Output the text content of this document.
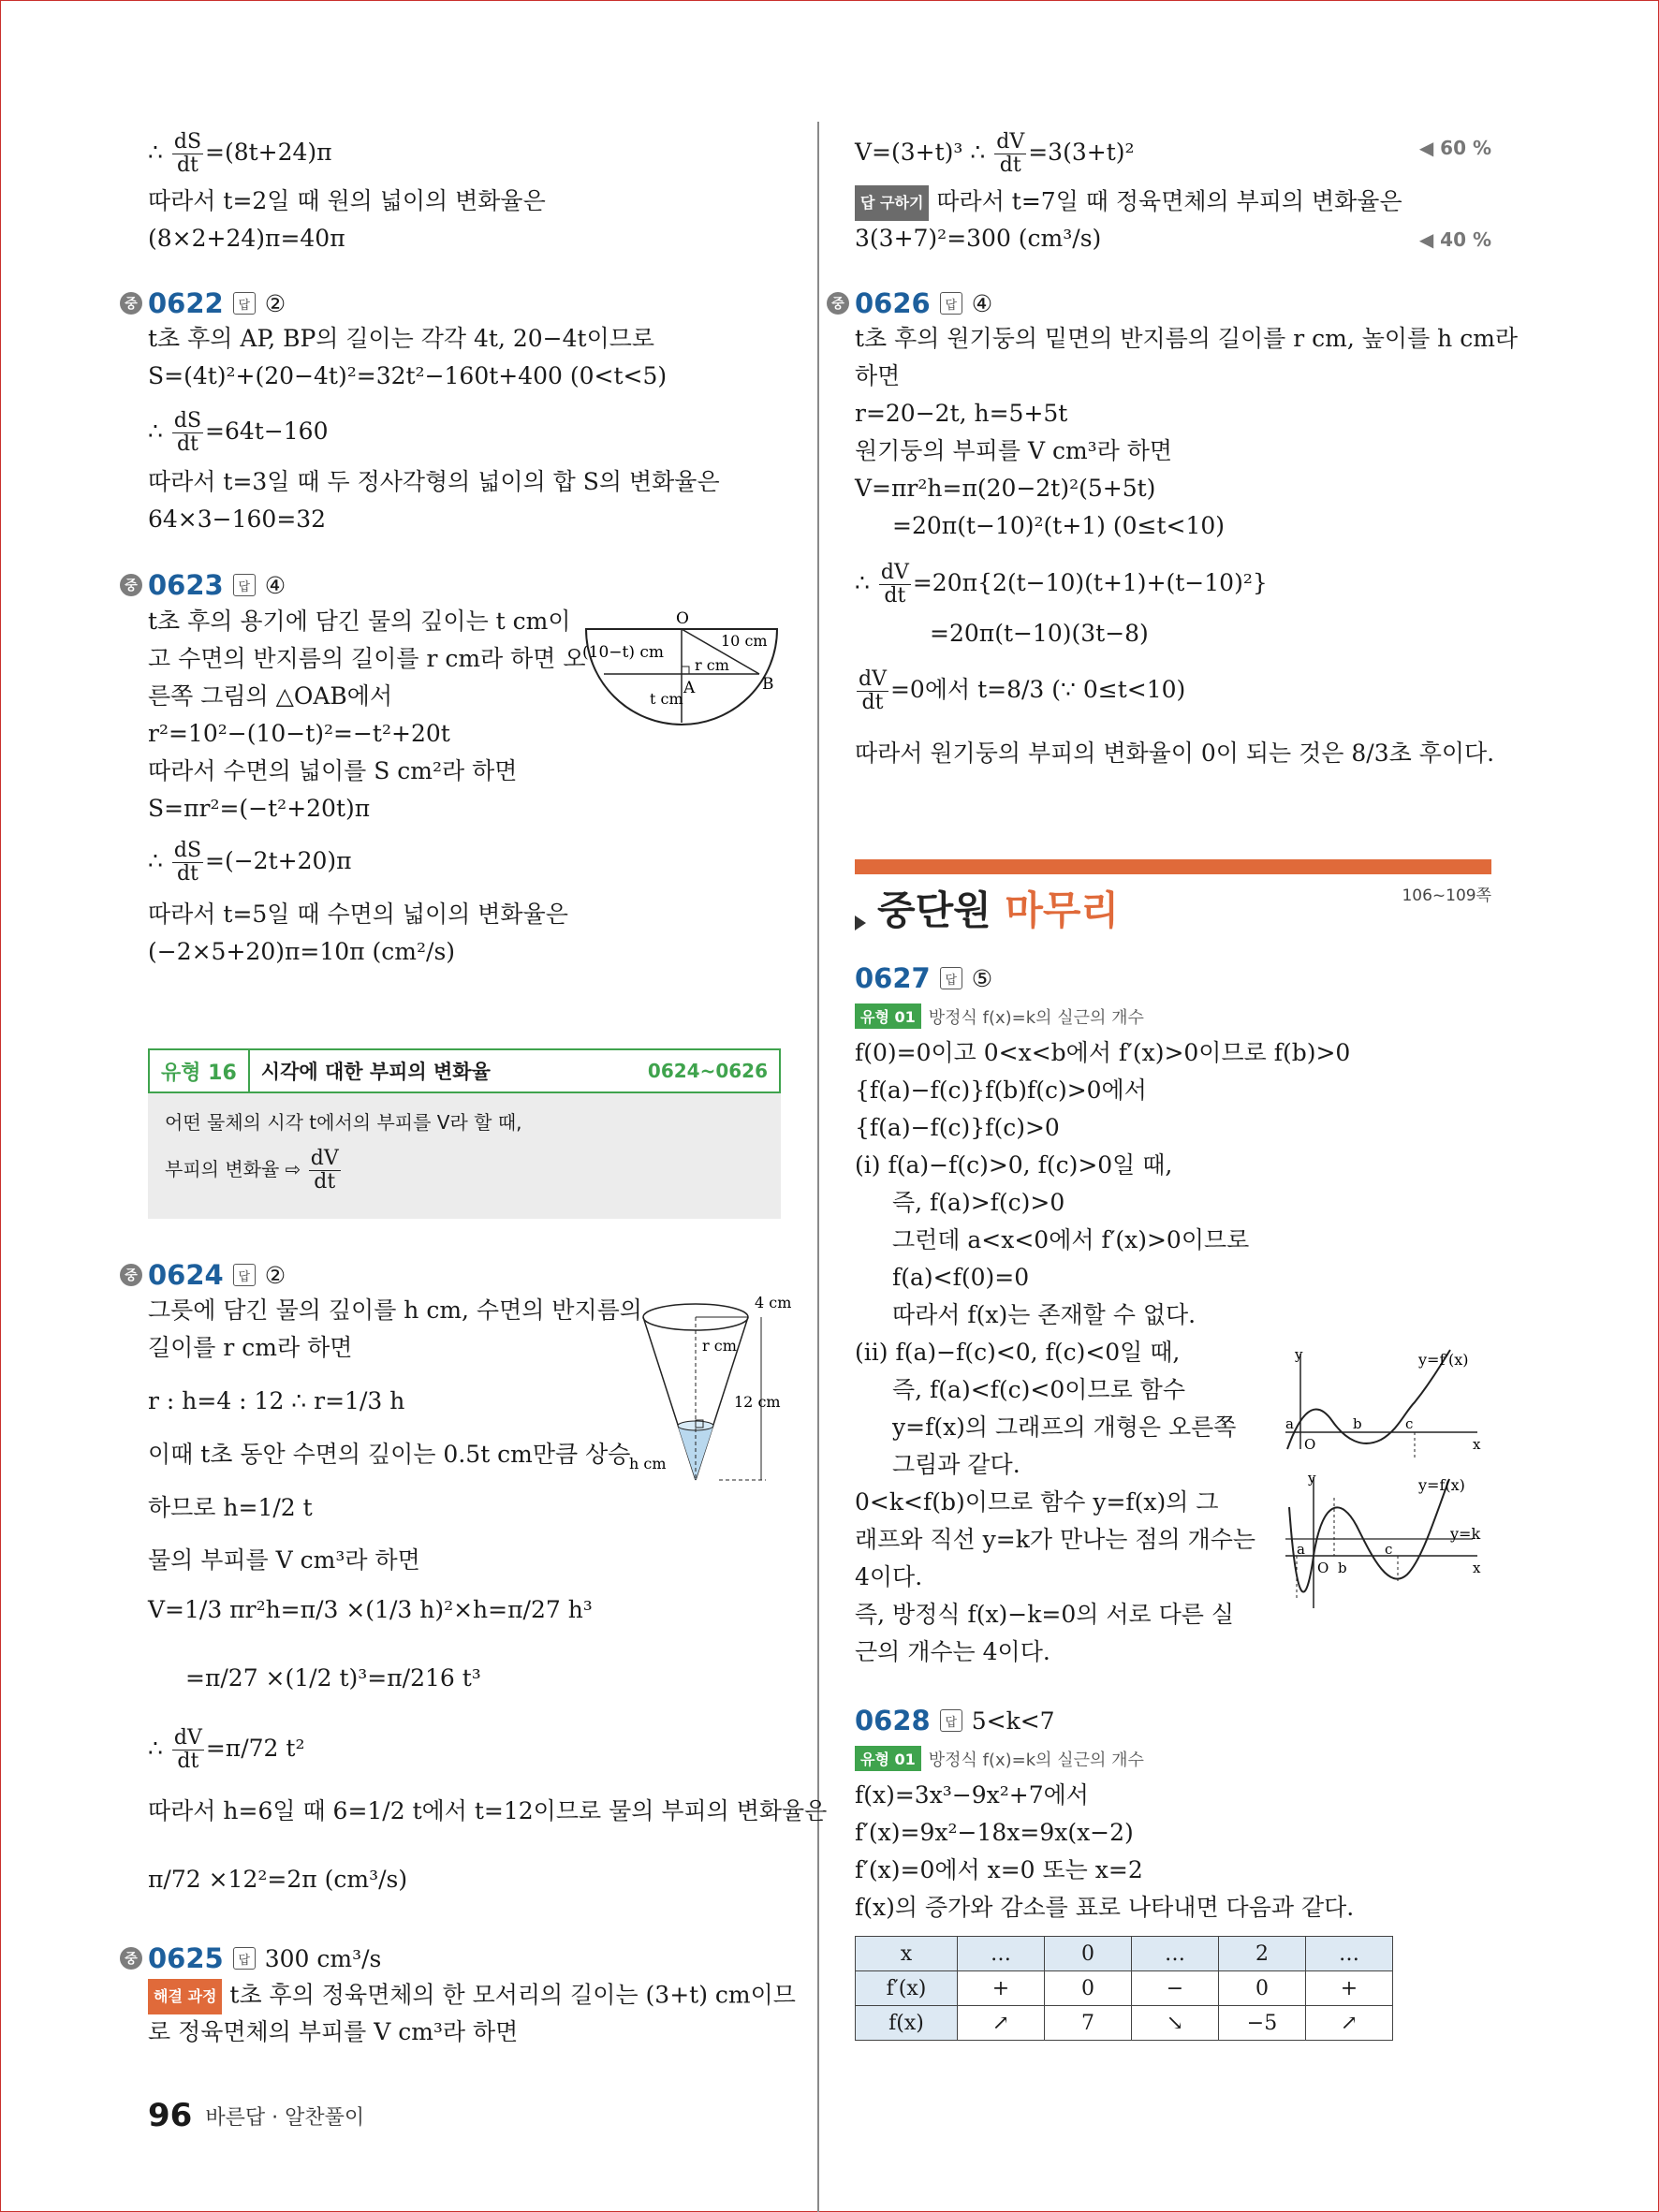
∴ $\frac{dS}{dt} =(8t+24)\pi$
따라서 t=2일 때 원의 넓이의 변화율은
(8×2+24)π=40π
중 0622	답 ②
t초 후의 AP, BP의 길이는 각각 4t, 20−4t이므로
S=(4t)²+(20−4t)²=32t²−160t+400 (0<t<5)
∴ $\frac{dS}{dt} =64t-160$
따라서 t=3일 때 두 정사각형의 넓이의 합 S의 변화율은
64×3−160=32
중 0623	답 ④
t초 후의 용기에 담긴 물의 깊이는 t cm이
고 수면의 반지름의 길이를 r cm라 하면 오
른쪽 그림의 △OAB에서
r²=10²−(10−t)²=−t²+20t
따라서 수면의 넓이를 S cm²라 하면
S=πr²=(−t²+20t)π
∴ $\frac{dS}{dt} =(-2t+20)\pi$
따라서 t=5일 때 수면의 넓이의 변화율은
(−2×5+20)π=10π (cm²/s)
O
A	B
(10−t) cm
10 cm
r cm
t cm
유형 16	시각에 대한 부피의 변화율	0624~0626
어떤 물체의 시각 t에서의 부피를 V라 할 때,
부피의 변화율 ⇨ $\frac{dV}{dt}$
중 0624	답 ②
그릇에 담긴 물의 깊이를 h cm, 수면의 반지름의
길이를 r cm라 하면
r : h=4 : 12 ∴ r=1/3 h
이때 t초 동안 수면의 깊이는 0.5t cm만큼 상승
하므로 h=1/2 t
물의 부피를 V cm³라 하면
V=1/3 πr²h=π/3 ×(1/3 h)²×h=π/27 h³
=π/27 ×(1/2 t)³=π/216 t³
∴ $\frac{dV}{dt} =\pi/72$ t²
따라서 h=6일 때 6=1/2 t에서 t=12이므로 물의 부피의 변화율은
π/72 ×12²=2π (cm³/s)
4 cm
r cm
12 cm
h cm
중 0625	답 300 cm³/s
해결 과정 t초 후의 정육면체의 한 모서리의 길이는 (3+t) cm이므
로 정육면체의 부피를 V cm³라 하면
V=(3+t)³ ∴ $\frac{dV}{dt} =3(3+t)^2$	◀ 60 %
답 구하기 따라서 t=7일 때 정육면체의 부피의 변화율은
3(3+7)²=300 (cm³/s)	◀ 40 %
중 0626	답 ④
t초 후의 원기둥의 밑면의 반지름의 길이를 r cm, 높이를 h cm라
하면
r=20−2t, h=5+5t
원기둥의 부피를 V cm³라 하면
V=πr²h=π(20−2t)²(5+5t)
=20π(t−10)²(t+1) (0≤t<10)
∴ $\frac{dV}{dt} =20\pi\{2(t-10)(t+1)+(t-10)^2\}$
=20π(t−10)(3t−8)
$\frac{dV}{dt} =0$에서 t=8/3 (∵ 0≤t<10)
따라서 원기둥의 부피의 변화율이 0이 되는 것은 8/3초 후이다.
중단원 마무리	106~109쪽
0627	답 ⑤
유형 01 방정식 f(x)=k의 실근의 개수
f(0)=0이고 0<x<b에서 f′(x)>0이므로 f(b)>0
{f(a)−f(c)}f(b)f(c)>0에서
{f(a)−f(c)}f(c)>0
(ⅰ) f(a)−f(c)>0, f(c)>0일 때,
즉, f(a)>f(c)>0
그런데 a<x<0에서 f′(x)>0이므로
f(a)<f(0)=0
따라서 f(x)는 존재할 수 없다.
(ⅱ) f(a)−f(c)<0, f(c)<0일 때,
즉, f(a)<f(c)<0이므로 함수
y=f(x)의 그래프의 개형은 오른쪽
그림과 같다.
0<k<f(b)이므로 함수 y=f(x)의 그
래프와 직선 y=k가 만나는 점의 개수는
4이다.
즉, 방정식 f(x)−k=0의 서로 다른 실
근의 개수는 4이다.
y	y=f′(x)
a	b	c
O	x
y	y=f(x)
y=k
a
O b
c
x
0628	답 5<k<7
유형 01 방정식 f(x)=k의 실근의 개수
f(x)=3x³−9x²+7에서
f′(x)=9x²−18x=9x(x−2)
f′(x)=0에서 x=0 또는 x=2
f(x)의 증가와 감소를 표로 나타내면 다음과 같다.
x	…	0	…	2	…
f′(x)	+	0	−	0	+
f(x)	↗	7	↘	−5	↗
96 바른답 · 알찬풀이
